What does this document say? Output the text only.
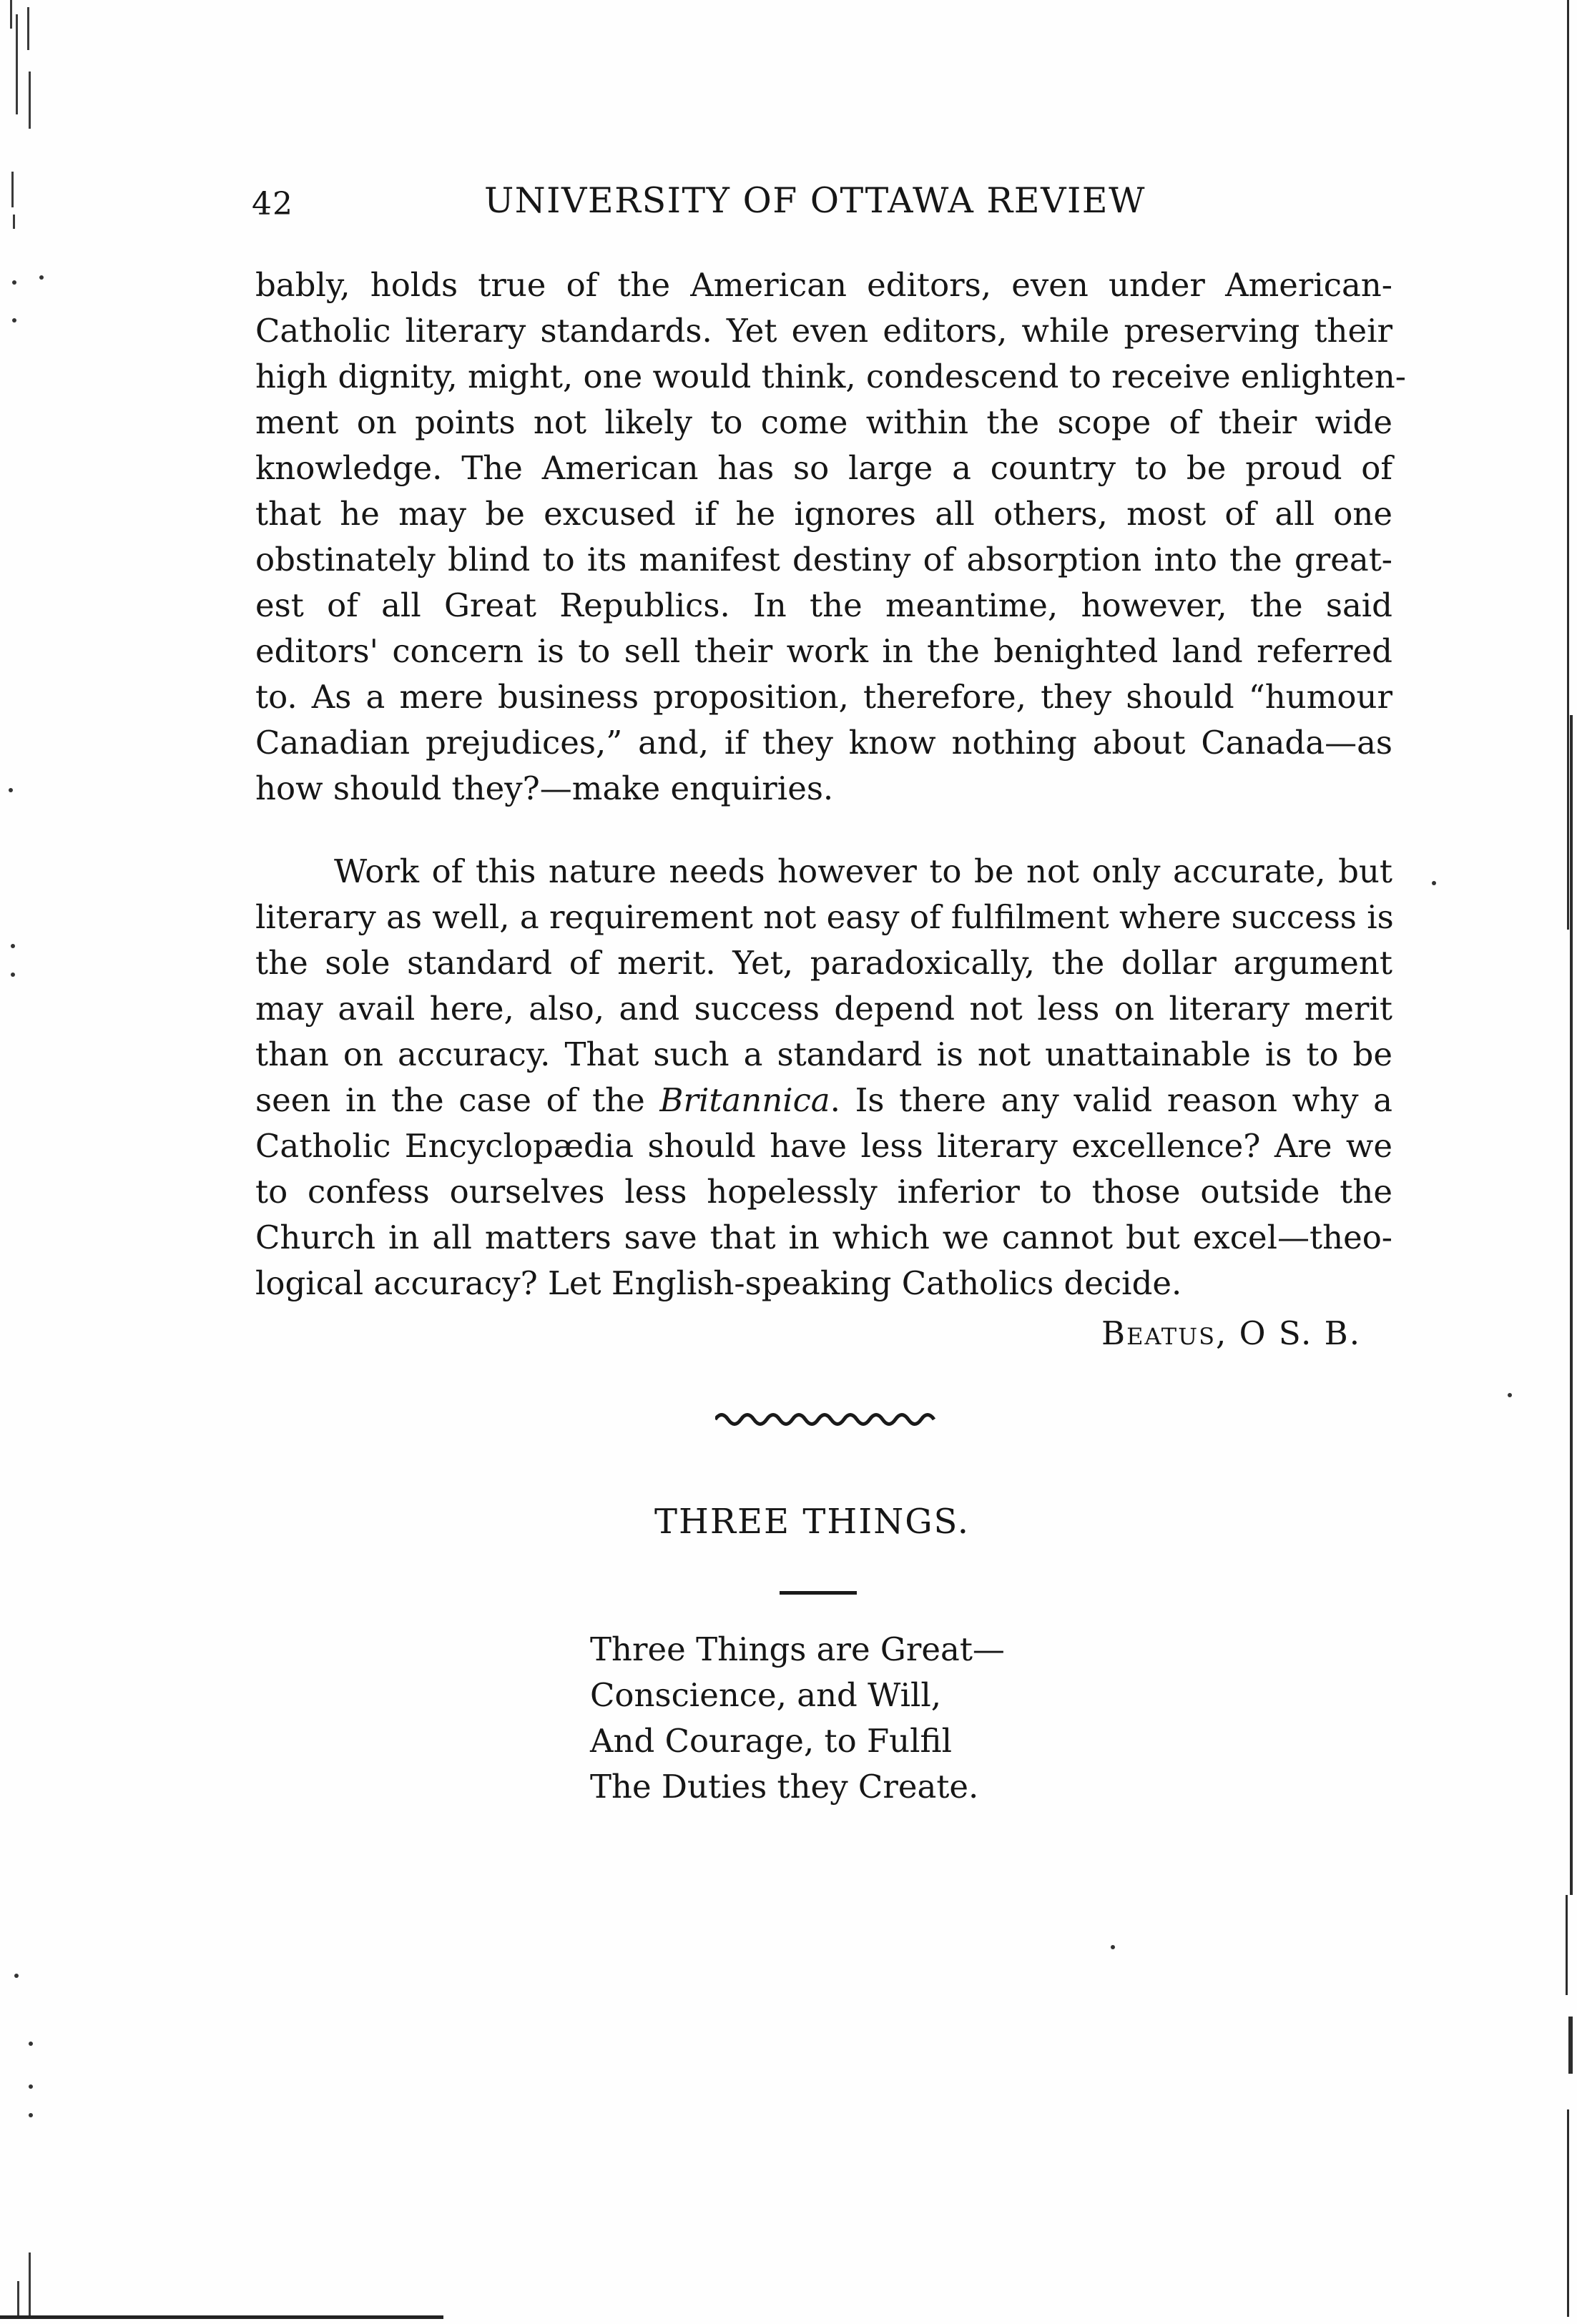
42	UNIVERSITY OF OTTAWA REVIEW
bably, holds true of the American editors, even under American-
Catholic literary standards. Yet even editors, while preserving their
high dignity, might, one would think, condescend to receive enlighten-
ment on points not likely to come within the scope of their wide
knowledge. The American has so large a country to be proud of
that he may be excused if he ignores all others, most of all one
obstinately blind to its manifest destiny of absorption into the great-
est of all Great Republics. In the meantime, however, the said
editors' concern is to sell their work in the benighted land referred
to. As a mere business proposition, therefore, they should “humour
Canadian prejudices,” and, if they know nothing about Canada—as
how should they?—make enquiries.
Work of this nature needs however to be not only accurate, but
literary as well, a requirement not easy of fulfilment where success is
the sole standard of merit. Yet, paradoxically, the dollar argument
may avail here, also, and success depend not less on literary merit
than on accuracy. That such a standard is not unattainable is to be
seen in the case of the Britannica. Is there any valid reason why a
Catholic Encyclopædia should have less literary excellence? Are we
to confess ourselves less hopelessly inferior to those outside the
Church in all matters save that in which we cannot but excel—theo-
logical accuracy? Let English-speaking Catholics decide.
Beatus, O S. B.
THREE THINGS.
Three Things are Great—
Conscience, and Will,
And Courage, to Fulfil
The Duties they Create.
